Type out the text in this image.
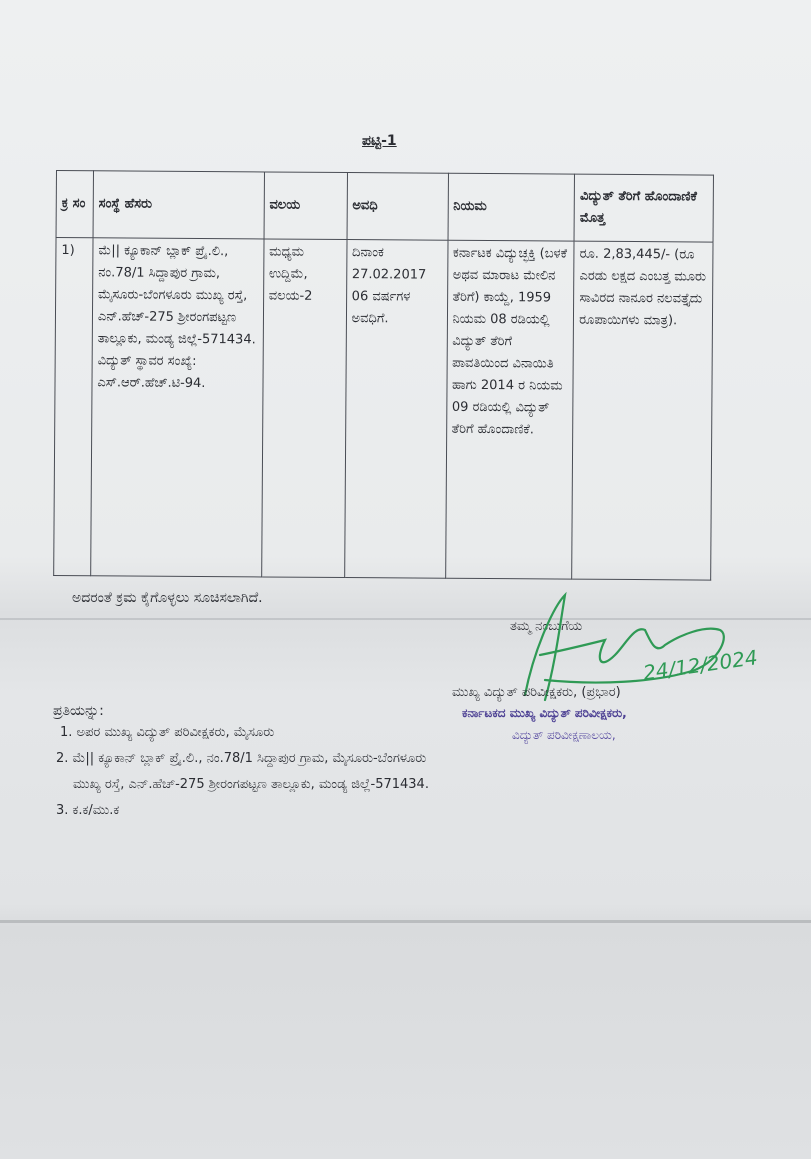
ಪಟ್ಟಿ-1
ಕ್ರ ಸಂ	ಸಂಸ್ಥೆ ಹೆಸರು	ವಲಯ	ಅವಧಿ	ನಿಯಮ	ವಿದ್ಯುತ್ ತೆರಿಗೆ ಹೊಂದಾಣಿಕೆ ಮೊತ್ತ
1)	ಮೆ|| ಕ್ಯೂಕಾನ್ ಬ್ಲಾಕ್ ಪ್ರೈ.ಲಿ., ನಂ.78/1 ಸಿದ್ದಾಪುರ ಗ್ರಾಮ, ಮೈಸೂರು-ಬೆಂಗಳೂರು ಮುಖ್ಯ ರಸ್ತೆ, ಎನ್.ಹೆಚ್-275 ಶ್ರೀರಂಗಪಟ್ಟಣ ತಾಲ್ಲೂಕು, ಮಂಡ್ಯ ಜಿಲ್ಲೆ-571434. ವಿದ್ಯುತ್ ಸ್ಥಾವರ ಸಂಖ್ಯೆ: ಎಸ್.ಆರ್.ಹೆಚ್.ಟಿ-94.	ಮಧ್ಯಮ ಉದ್ದಿಮೆ, ವಲಯ-2	ದಿನಾಂಕ 27.02.2017 06 ವರ್ಷಗಳ ಅವಧಿಗೆ.	ಕರ್ನಾಟಕ ವಿದ್ಯುಚ್ಛಕ್ತಿ (ಬಳಕೆ ಅಥವ ಮಾರಾಟ ಮೇಲಿನ ತೆರಿಗೆ) ಕಾಯ್ದೆ, 1959 ನಿಯಮ 08 ರಡಿಯಲ್ಲಿ ವಿದ್ಯುತ್ ತೆರಿಗೆ ಪಾವತಿಯಿಂದ ವಿನಾಯಿತಿ ಹಾಗು 2014 ರ ನಿಯಮ 09 ರಡಿಯಲ್ಲಿ ವಿದ್ಯುತ್ ತೆರಿಗೆ ಹೊಂದಾಣಿಕೆ.	ರೂ. 2,83,445/- (ರೂ ಎರಡು ಲಕ್ಷದ ಎಂಬತ್ತ ಮೂರು ಸಾವಿರದ ನಾನೂರ ನಲವತ್ತೈದು ರೂಪಾಯಿಗಳು ಮಾತ್ರ).
ಅದರಂತೆ ಕ್ರಮ ಕೈಗೊಳ್ಳಲು ಸೂಚಿಸಲಾಗಿದೆ.
ತಮ್ಮ ನಂಬುಗೆಯ
24/12/2024
ಮುಖ್ಯ ವಿದ್ಯುತ್ ಪರಿವೀಕ್ಷಕರು, (ಪ್ರಭಾರ)
ಕರ್ನಾಟಕದ ಮುಖ್ಯ ವಿದ್ಯುತ್ ಪರಿವೀಕ್ಷಕರು,
ವಿದ್ಯುತ್ ಪರಿವೀಕ್ಷಣಾಲಯ,
ಪ್ರತಿಯನ್ನು:
1. ಅಪರ ಮುಖ್ಯ ವಿದ್ಯುತ್ ಪರಿವೀಕ್ಷಕರು, ಮೈಸೂರು
2. ಮೆ|| ಕ್ಯೂಕಾನ್ ಬ್ಲಾಕ್ ಪ್ರೈ.ಲಿ., ನಂ.78/1 ಸಿದ್ದಾಪುರ ಗ್ರಾಮ, ಮೈಸೂರು-ಬೆಂಗಳೂರು
ಮುಖ್ಯ ರಸ್ತೆ, ಎನ್.ಹೆಚ್-275 ಶ್ರೀರಂಗಪಟ್ಟಣ ತಾಲ್ಲೂಕು, ಮಂಡ್ಯ ಜಿಲ್ಲೆ-571434.
3. ಕ.ಕ/ಮು.ಕ
